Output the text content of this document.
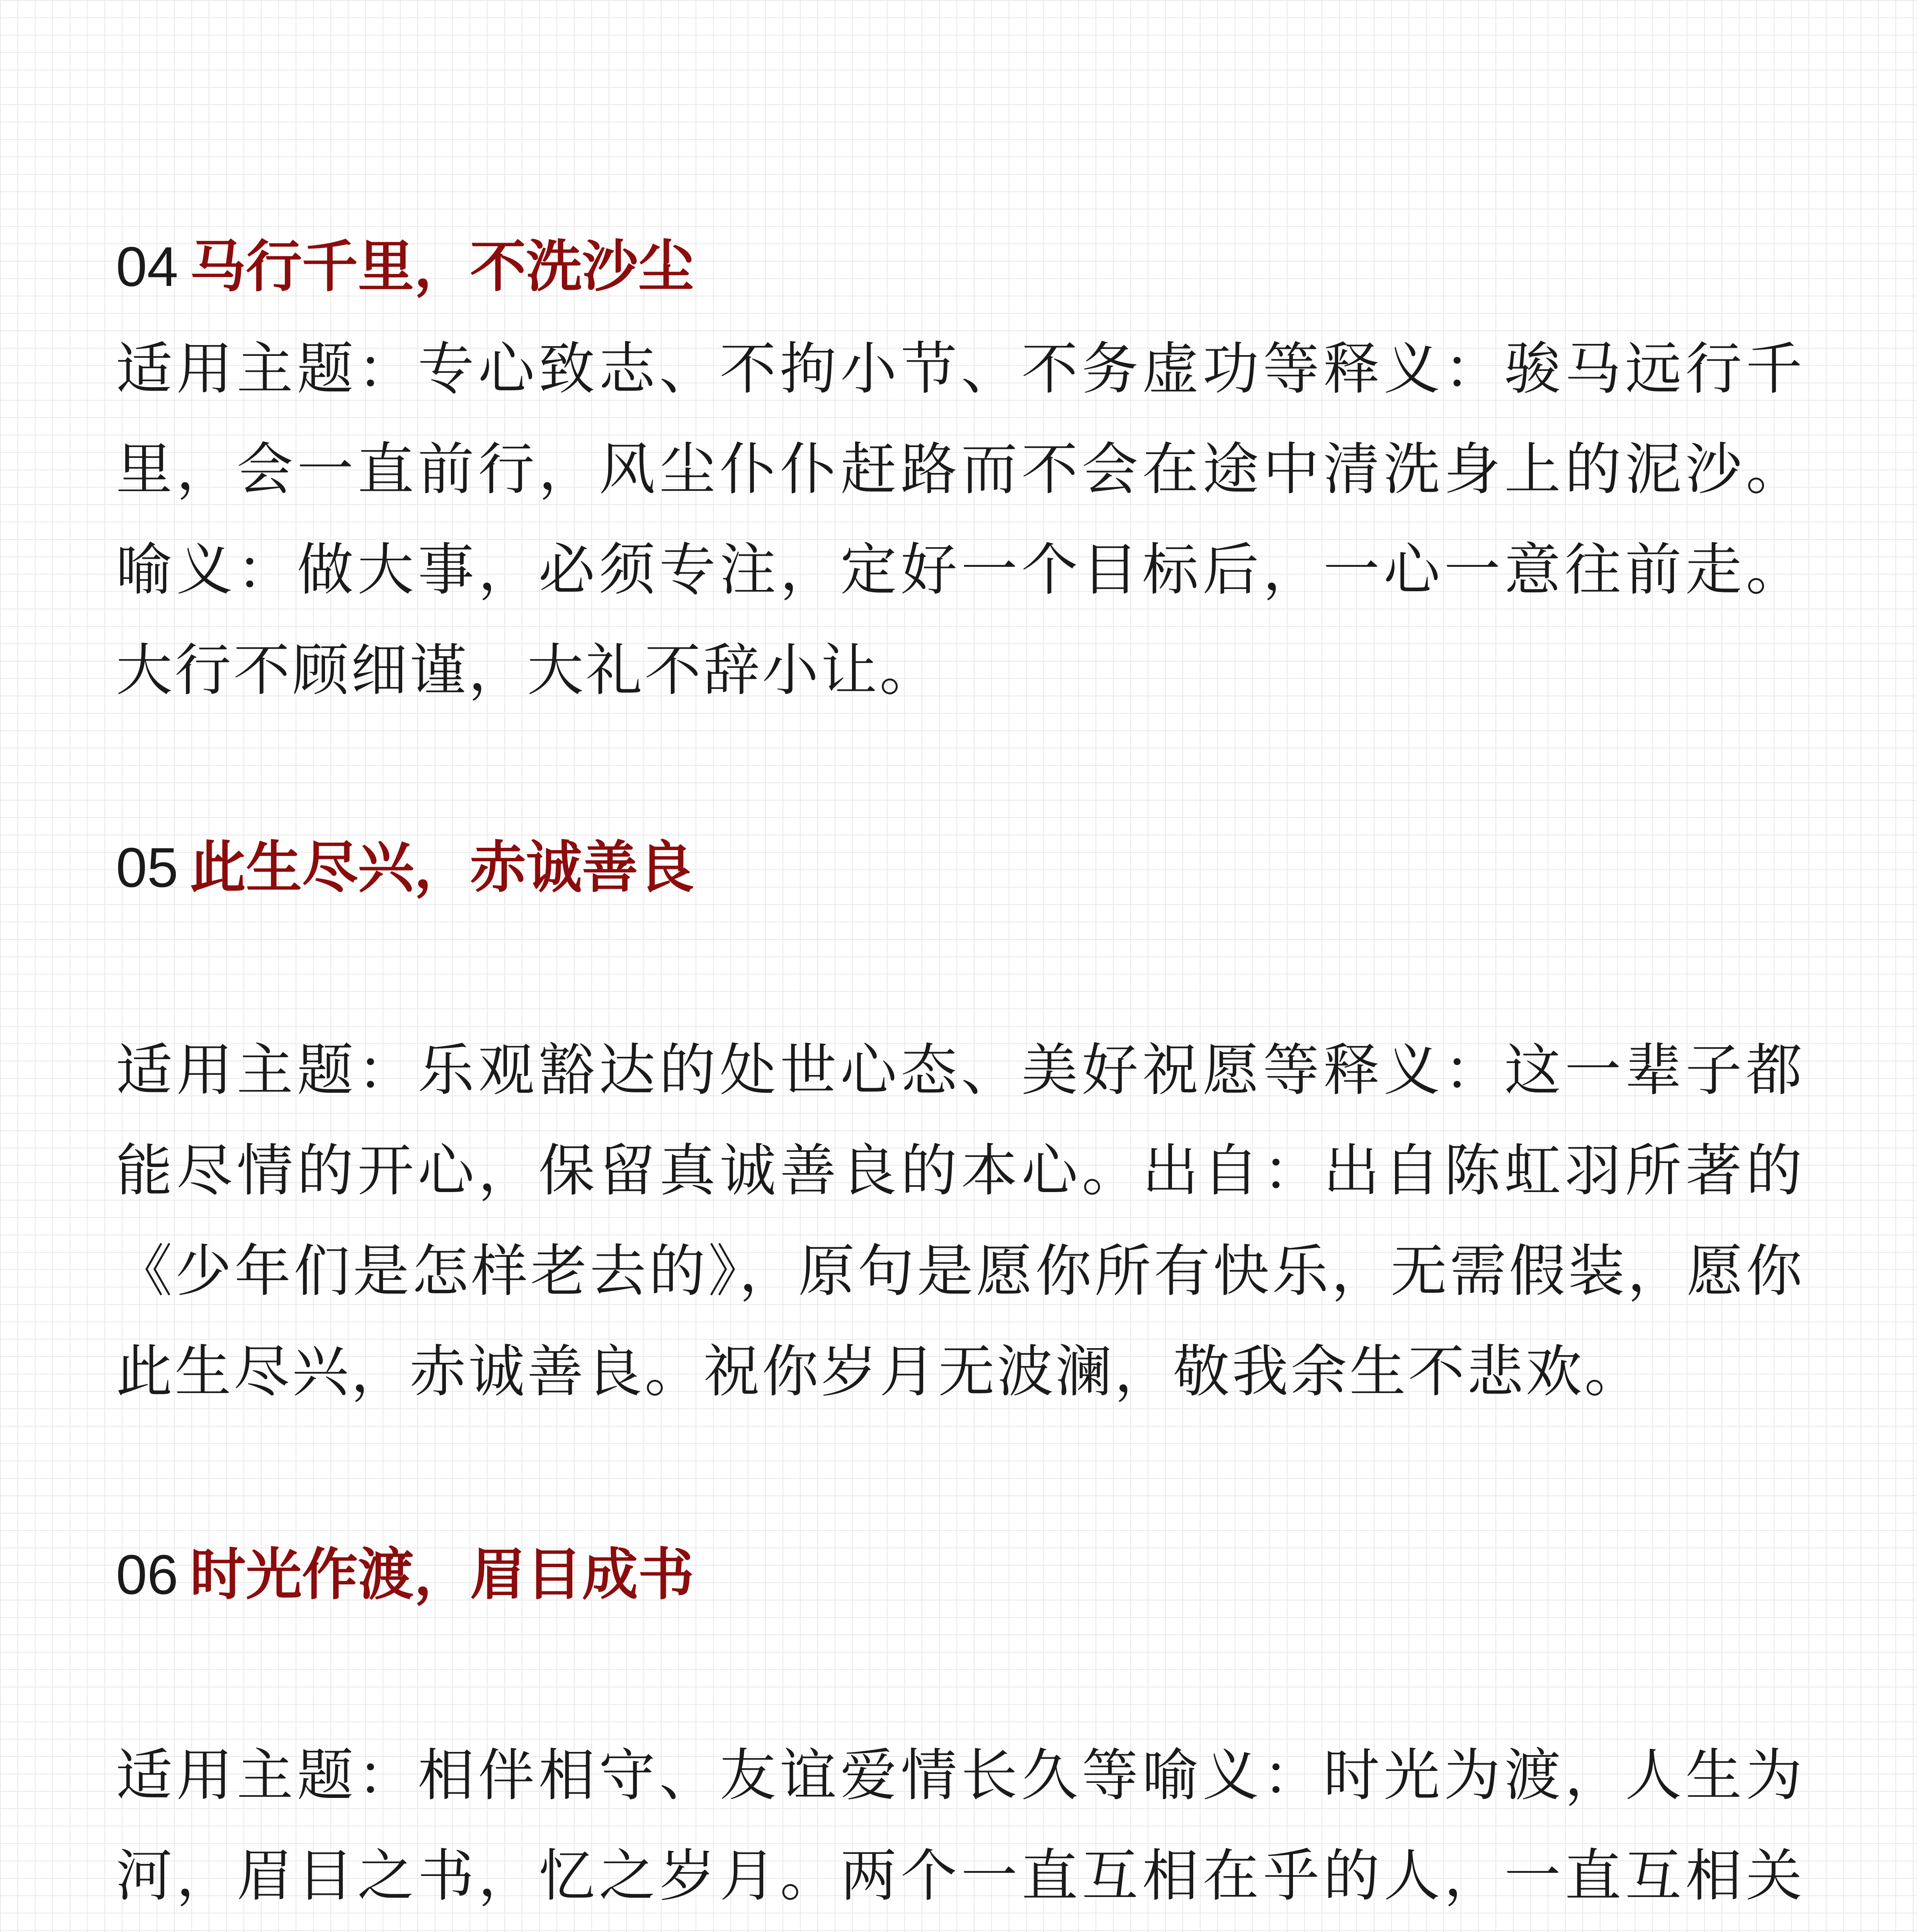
04 马行千里，不洗沙尘

适用主题：专心致志、不拘小节、不务虚功等释义：骏马远行千里，会一直前行，风尘仆仆赶路而不会在途中清洗身上的泥沙。喻义：做大事，必须专注，定好一个目标后，一心一意往前走。大行不顾细谨，大礼不辞小让。

05 此生尽兴，赤诚善良

适用主题：乐观豁达的处世心态、美好祝愿等释义：这一辈子都能尽情的开心，保留真诚善良的本心。出自：出自陈虹羽所著的《少年们是怎样老去的》，原句是愿你所有快乐，无需假装，愿你此生尽兴，赤诚善良。祝你岁月无波澜，敬我余生不悲欢。

06 时光作渡，眉目成书

适用主题：相伴相守、友谊爱情长久等喻义：时光为渡，人生为河，眉目之书，忆之岁月。两个一直互相在乎的人，一直互相关
